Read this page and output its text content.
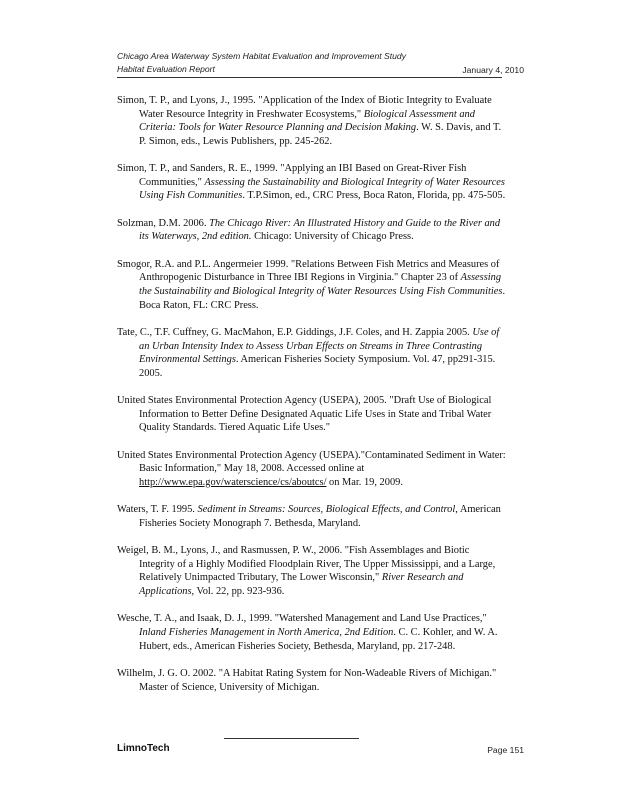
Chicago Area Waterway System Habitat Evaluation and Improvement Study
Habitat Evaluation Report	January 4, 2010

Simon, T. P., and Lyons, J., 1995. "Application of the Index of Biotic Integrity to Evaluate Water Resource Integrity in Freshwater Ecosystems," Biological Assessment and Criteria: Tools for Water Resource Planning and Decision Making. W. S. Davis, and T. P. Simon, eds., Lewis Publishers, pp. 245-262.

Simon, T. P., and Sanders, R. E., 1999. "Applying an IBI Based on Great-River Fish Communities," Assessing the Sustainability and Biological Integrity of Water Resources Using Fish Communities. T.P.Simon, ed., CRC Press, Boca Raton, Florida, pp. 475-505.

Solzman, D.M. 2006. The Chicago River: An Illustrated History and Guide to the River and its Waterways, 2nd edition. Chicago: University of Chicago Press.

Smogor, R.A. and P.L. Angermeier 1999. "Relations Between Fish Metrics and Measures of Anthropogenic Disturbance in Three IBI Regions in Virginia." Chapter 23 of Assessing the Sustainability and Biological Integrity of Water Resources Using Fish Communities. Boca Raton, FL: CRC Press.

Tate, C., T.F. Cuffney, G. MacMahon, E.P. Giddings, J.F. Coles, and H. Zappia 2005. Use of an Urban Intensity Index to Assess Urban Effects on Streams in Three Contrasting Environmental Settings. American Fisheries Society Symposium. Vol. 47, pp291-315. 2005.

United States Environmental Protection Agency (USEPA), 2005. "Draft Use of Biological Information to Better Define Designated Aquatic Life Uses in State and Tribal Water Quality Standards. Tiered Aquatic Life Uses."

United States Environmental Protection Agency (USEPA)."Contaminated Sediment in Water: Basic Information," May 18, 2008. Accessed online at http://www.epa.gov/waterscience/cs/aboutcs/ on Mar. 19, 2009.

Waters, T. F. 1995. Sediment in Streams: Sources, Biological Effects, and Control, American Fisheries Society Monograph 7. Bethesda, Maryland.

Weigel, B. M., Lyons, J., and Rasmussen, P. W., 2006. "Fish Assemblages and Biotic Integrity of a Highly Modified Floodplain River, The Upper Mississippi, and a Large, Relatively Unimpacted Tributary, The Lower Wisconsin," River Research and Applications, Vol. 22, pp. 923-936.

Wesche, T. A., and Isaak, D. J., 1999. "Watershed Management and Land Use Practices," Inland Fisheries Management in North America, 2nd Edition. C. C. Kohler, and W. A. Hubert, eds., American Fisheries Society, Bethesda, Maryland, pp. 217-248.

Wilhelm, J. G. O. 2002. "A Habitat Rating System for Non-Wadeable Rivers of Michigan." Master of Science, University of Michigan.

LimnoTech	Page 151
